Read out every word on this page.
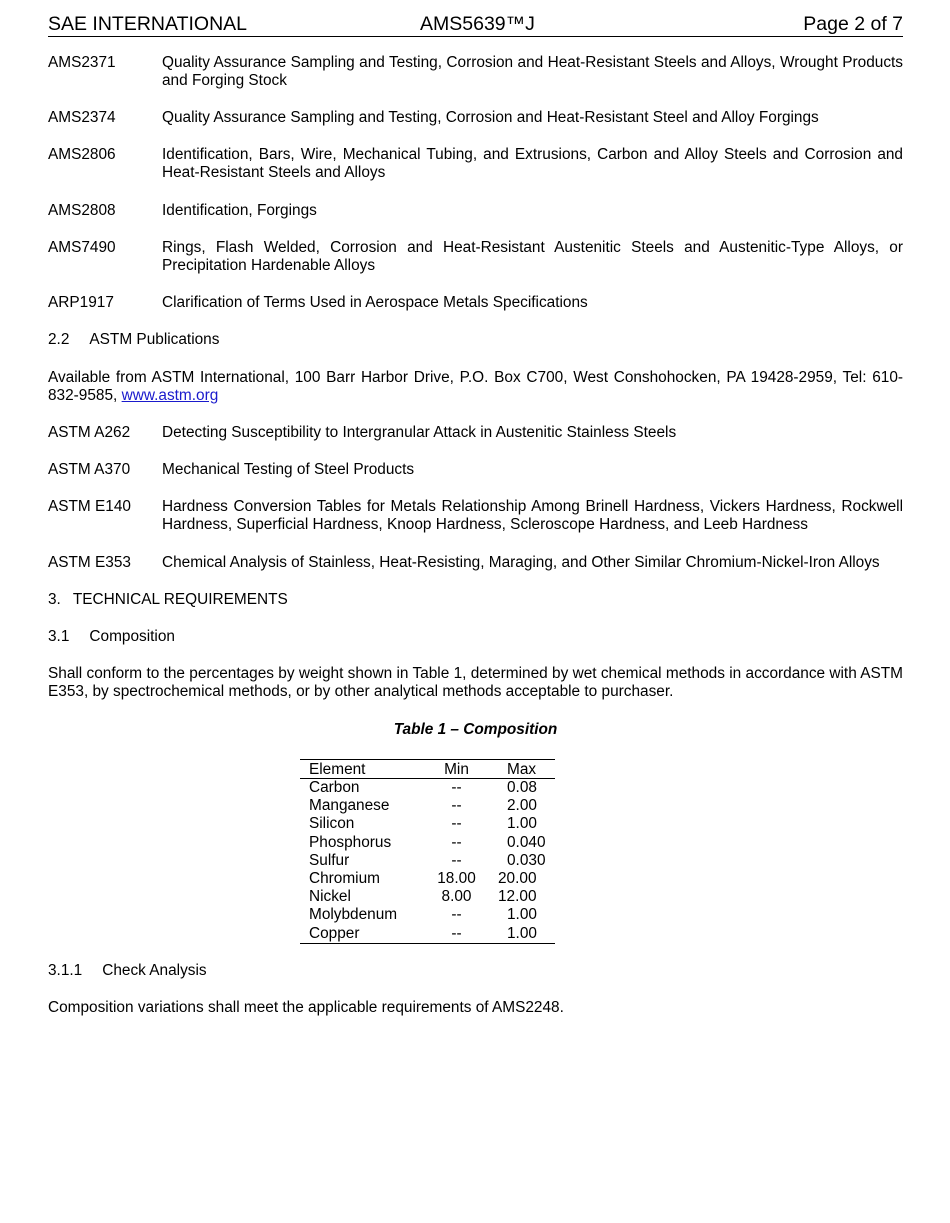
SAE INTERNATIONAL	AMS5639™J	Page 2 of 7
AMS2371	Quality Assurance Sampling and Testing, Corrosion and Heat-Resistant Steels and Alloys, Wrought Products and Forging Stock
AMS2374	Quality Assurance Sampling and Testing, Corrosion and Heat-Resistant Steel and Alloy Forgings
AMS2806	Identification, Bars, Wire, Mechanical Tubing, and Extrusions, Carbon and Alloy Steels and Corrosion and Heat-Resistant Steels and Alloys
AMS2808	Identification, Forgings
AMS7490	Rings, Flash Welded, Corrosion and Heat-Resistant Austenitic Steels and Austenitic-Type Alloys, or Precipitation Hardenable Alloys
ARP1917	Clarification of Terms Used in Aerospace Metals Specifications
2.2 ASTM Publications
Available from ASTM International, 100 Barr Harbor Drive, P.O. Box C700, West Conshohocken, PA 19428-2959, Tel: 610-832-9585, www.astm.org
ASTM A262 Detecting Susceptibility to Intergranular Attack in Austenitic Stainless Steels
ASTM A370 Mechanical Testing of Steel Products
ASTM E140 Hardness Conversion Tables for Metals Relationship Among Brinell Hardness, Vickers Hardness, Rockwell Hardness, Superficial Hardness, Knoop Hardness, Scleroscope Hardness, and Leeb Hardness
ASTM E353 Chemical Analysis of Stainless, Heat-Resisting, Maraging, and Other Similar Chromium-Nickel-Iron Alloys
3. TECHNICAL REQUIREMENTS
3.1 Composition
Shall conform to the percentages by weight shown in Table 1, determined by wet chemical methods in accordance with ASTM E353, by spectrochemical methods, or by other analytical methods acceptable to purchaser.
Table 1 – Composition
Element	Min	Max
Carbon	--	0.08
Manganese	--	2.00
Silicon	--	1.00
Phosphorus	--	0.040
Sulfur	--	0.030
Chromium	18.00	20.00
Nickel	8.00	12.00
Molybdenum	--	1.00
Copper	--	1.00
3.1.1 Check Analysis
Composition variations shall meet the applicable requirements of AMS2248.
